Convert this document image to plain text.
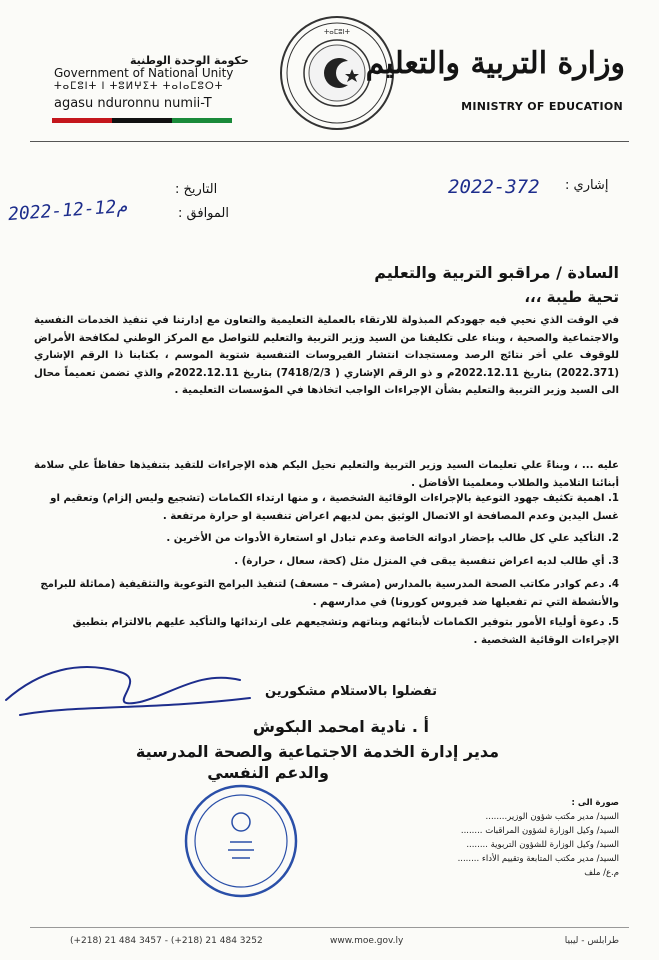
حكومة الوحدة الوطنية
Government of National Unity
ⵜⴰⵎⵓⵏⵜ ⵏ ⵜⵓⵍⵖⵉⵜ ⵜⴰⵏⴰⵎⵓⵔⵜ
agasu nduronnu numii-T
ⵜⴰⵎⵓⵏⵜ
وزارة التربية والتعليم
MINISTRY OF EDUCATION
التاريخ :
الموافق :
2022-12-12م
إشاري :
2022-372
السادة / مراقبو التربية والتعليم
تحية طيبة ،،،
في الوقت الذي نحيي فيه جهودكم المبذولة للارتقاء بالعملية التعليمية والتعاون مع إدارتنا في تنفيذ الخدمات النفسية والاجتماعية والصحية ، وبناء على تكليفنا من السيد وزير التربية والتعليم للتواصل مع المركز الوطني لمكافحة الأمراض للوقوف علي أخر نتائج الرصد ومستجدات انتشار الفيروسات التنفسية شتوية الموسم ، بكتابنا ذا الرقم الإشاري (2022.371) بتاريخ 2022.12.11م و ذو الرقم الإشاري ( 7418/2/3) بتاريخ 2022.12.11م والذي تضمن تعميماً محال الى السيد وزير التربية والتعليم بشأن الإجراءات الواجب اتخاذها في المؤسسات التعليمية .
عليه ... ، وبناءً علي تعليمات السيد وزير التربية والتعليم نحيل اليكم هذه الإجراءات للتقيد بتنفيذها حفاظاً علي سلامة أبنائنا التلاميذ والطلاب ومعلمينا الأفاضل .
1. اهمية تكثيف جهود التوعية بالإجراءات الوقائية الشخصية ، و منها ارتداء الكمامات (تشجيع وليس إلزام) وتعقيم او غسل اليدين وعدم المصافحة او الاتصال الوثيق بمن لديهم اعراض تنفسية او حرارة مرتفعة .
2. التأكيد علي كل طالب بإحضار ادواته الخاصة وعدم تبادل او استعارة الأدوات من الأخرين .
3. أي طالب لديه اعراض تنفسية يبقى في المنزل مثل (كحة، سعال ، حرارة) .
4. دعم كوادر مكاتب الصحة المدرسية بالمدارس (مشرف – مسعف) لتنفيذ البرامج التوعوية والتثقيفية (مماثلة للبرامج والأنشطة التي تم تفعيلها ضد فيروس كورونا) في مدارسهم .
5. دعوة أولياء الأمور بتوفير الكمامات لأبنائهم وبناتهم وتشجيعهم على ارتدائها والتأكيد عليهم بالالتزام بتطبيق الإجراءات الوقائية الشخصية .
تفضلوا بالاستلام مشكورين
أ . نادية امحمد البكوش
مدير إدارة الخدمة الاجتماعية والصحة المدرسية
والدعم النفسي
صورة الى :
السيد/ مدير مكتب شؤون الوزير........
السيد/ وكيل الوزارة لشؤون المراقبات ........
السيد/ وكيل الوزارة للشؤون التربوية ........
السيد/ مدير مكتب المتابعة وتقييم الأداء ........
م.ع/ ملف
(+218) 21 484 3457 - (+218) 21 484 3252	www.moe.gov.ly	طرابلس - ليبيا
